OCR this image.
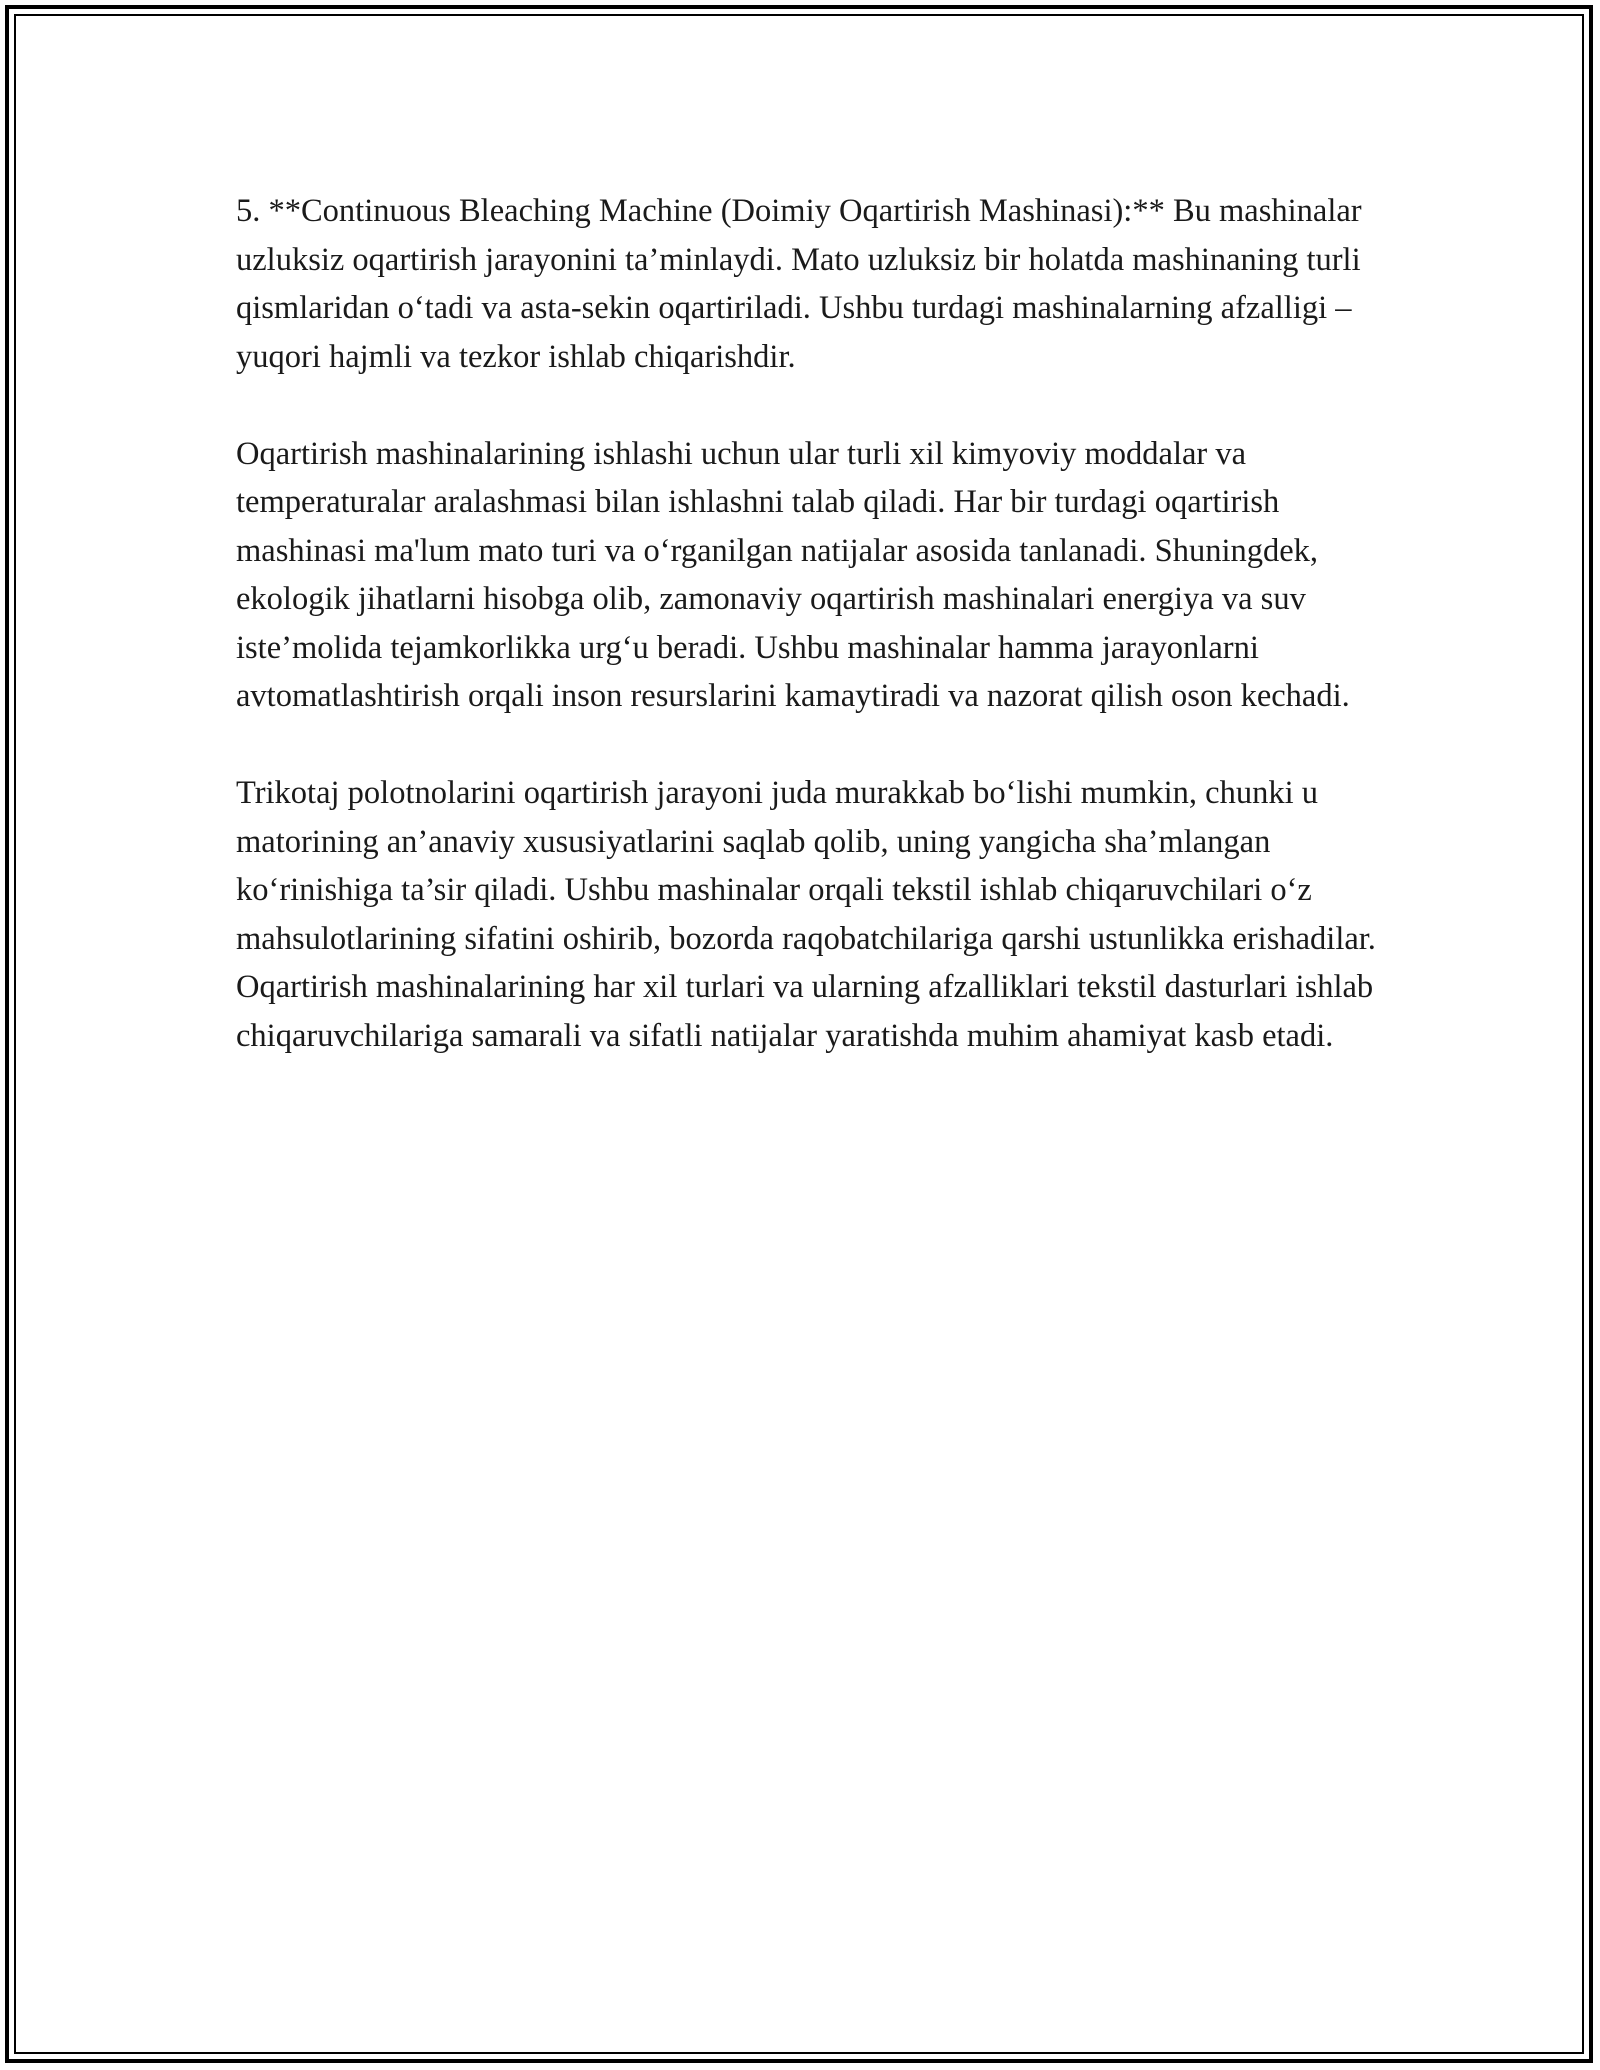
5. **Continuous Bleaching Machine (Doimiy Oqartirish Mashinasi):** Bu mashinalar uzluksiz oqartirish jarayonini ta’minlaydi. Mato uzluksiz bir holatda mashinaning turli qismlaridan o‘tadi va asta-sekin oqartiriladi. Ushbu turdagi mashinalarning afzalligi – yuqori hajmli va tezkor ishlab chiqarishdir.

Oqartirish mashinalarining ishlashi uchun ular turli xil kimyoviy moddalar va temperaturalar aralashmasi bilan ishlashni talab qiladi. Har bir turdagi oqartirish mashinasi ma'lum mato turi va o‘rganilgan natijalar asosida tanlanadi. Shuningdek, ekologik jihatlarni hisobga olib, zamonaviy oqartirish mashinalari energiya va suv iste’molida tejamkorlikka urg‘u beradi. Ushbu mashinalar hamma jarayonlarni avtomatlashtirish orqali inson resurslarini kamaytiradi va nazorat qilish oson kechadi.

Trikotaj polotnolarini oqartirish jarayoni juda murakkab bo‘lishi mumkin, chunki u matorining an’anaviy xususiyatlarini saqlab qolib, uning yangicha sha’mlangan ko‘rinishiga ta’sir qiladi. Ushbu mashinalar orqali tekstil ishlab chiqaruvchilari o‘z mahsulotlarining sifatini oshirib, bozorda raqobatchilariga qarshi ustunlikka erishadilar. Oqartirish mashinalarining har xil turlari va ularning afzalliklari tekstil dasturlari ishlab chiqaruvchilariga samarali va sifatli natijalar yaratishda muhim ahamiyat kasb etadi.
